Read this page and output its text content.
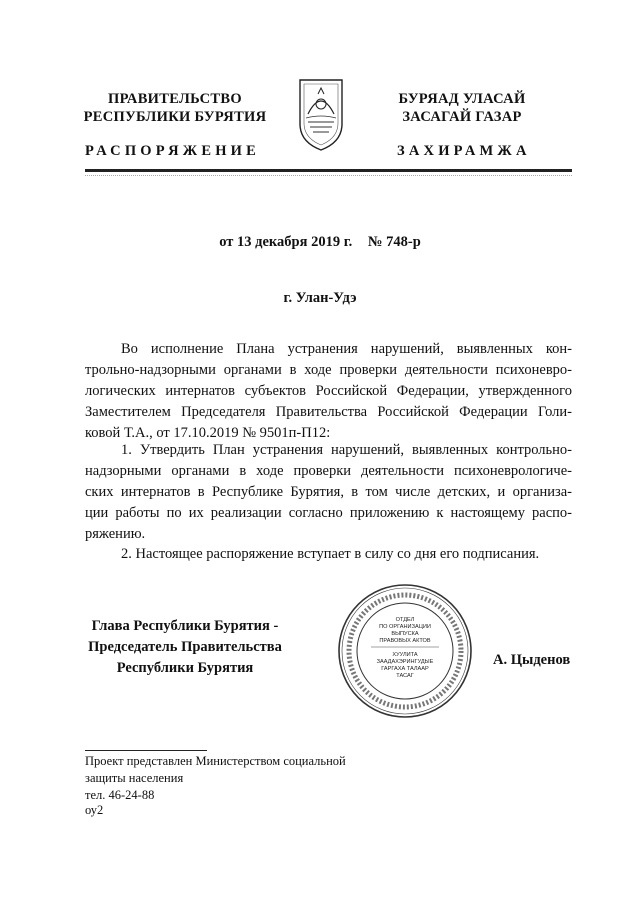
ПРАВИТЕЛЬСТВО
РЕСПУБЛИКИ БУРЯТИЯ
БУРЯАД УЛАСАЙ
ЗАСАГАЙ ГАЗАР
РАСПОРЯЖЕНИЕ	ЗАХИРАМЖА
от 13 декабря 2019 г. № 748-р
г. Улан-Удэ
Во исполнение Плана устранения нарушений, выявленных кон-
трольно-надзорными органами в ходе проверки деятельности психоневро-
логических интернатов субъектов Российской Федерации, утвержденного
Заместителем Председателя Правительства Российской Федерации Голи-
ковой Т.А., от 17.10.2019 № 9501п-П12:
1. Утвердить План устранения нарушений, выявленных контрольно-
надзорными органами в ходе проверки деятельности психоневрологиче-
ских интернатов в Республике Бурятия, в том числе детских, и организа-
ции работы по их реализации согласно приложению к настоящему распо-
ряжению.
2. Настоящее распоряжение вступает в силу со дня его подписания.
Глава Республики Бурятия -
Председатель Правительства
Республики Бурятия
ОТДЕЛ
ПО ОРГАНИЗАЦИИ
ВЫПУСКА
ПРАВОВЫХ АКТОВ
ХУУЛИТА
ЗААДАХЭРИНГУДЫЕ
ГАРГАХА ТАЛААР
ТАСАГ
А. Цыденов
Проект представлен Министерством социальной
защиты населения
тел. 46-24-88
оу2
